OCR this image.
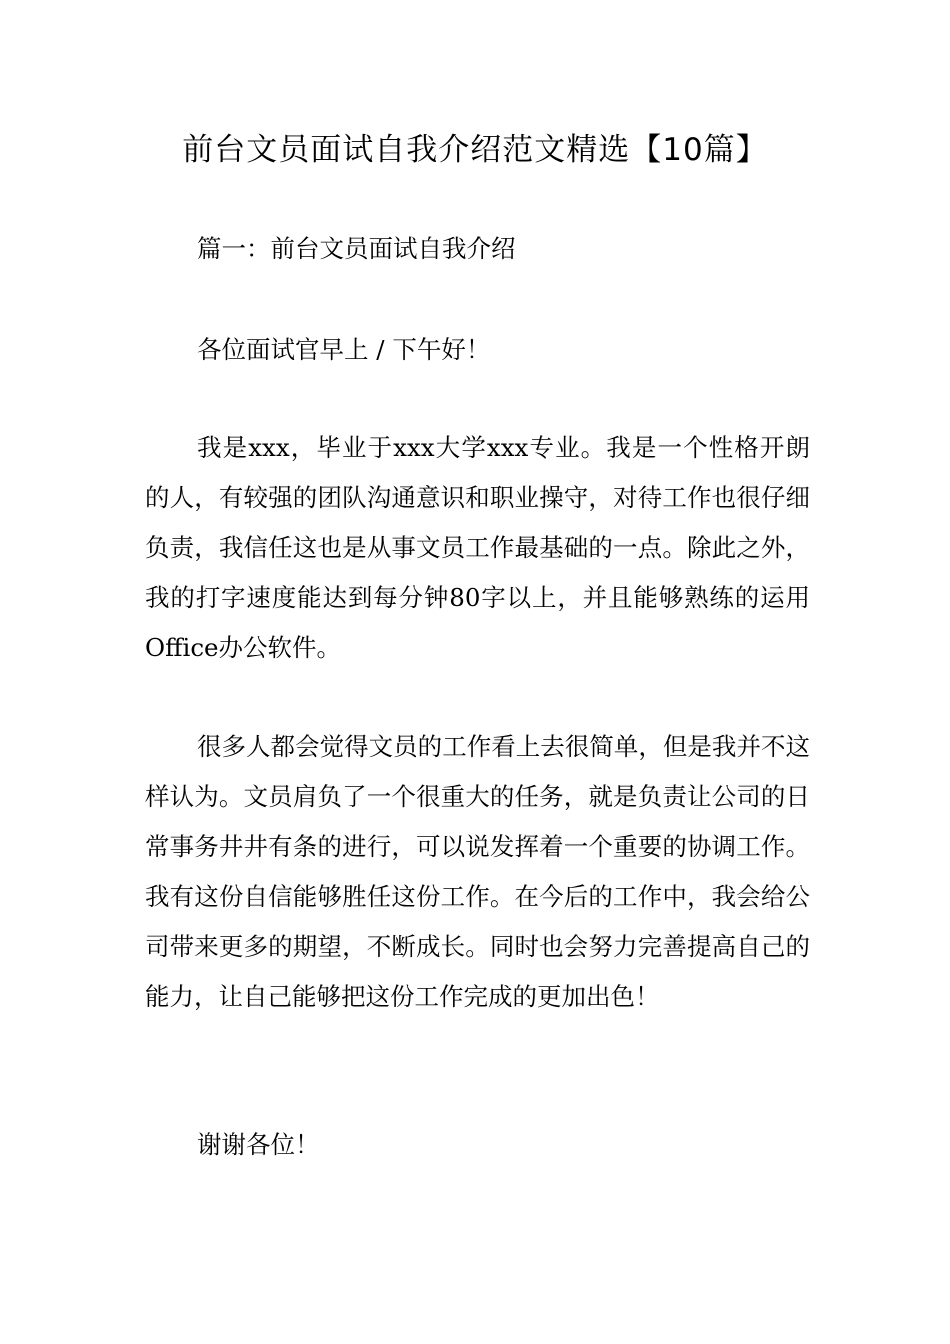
前台文员面试自我介绍范文精选【10篇】

篇一：前台文员面试自我介绍

各位面试官早上 / 下午好！

我是xxx，毕业于xxx大学xxx专业。我是一个性格开朗的人，有较强的团队沟通意识和职业操守，对待工作也很仔细负责，我信任这也是从事文员工作最基础的一点。除此之外，我的打字速度能达到每分钟80字以上，并且能够熟练的运用Office办公软件。

很多人都会觉得文员的工作看上去很简单，但是我并不这样认为。文员肩负了一个很重大的任务，就是负责让公司的日常事务井井有条的进行，可以说发挥着一个重要的协调工作。我有这份自信能够胜任这份工作。在今后的工作中，我会给公司带来更多的期望，不断成长。同时也会努力完善提高自己的能力，让自己能够把这份工作完成的更加出色！

谢谢各位！
